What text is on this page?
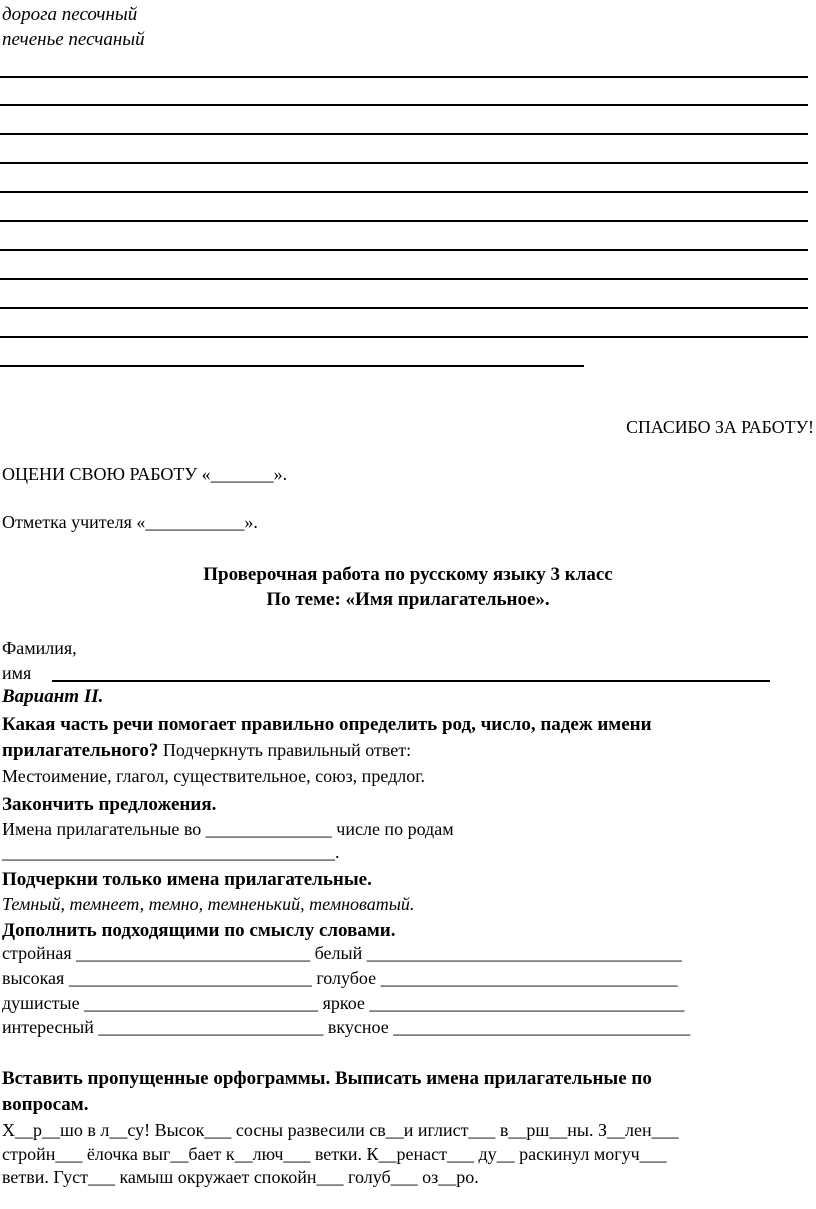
дорога песочный
печенье песчаный
СПАСИБО ЗА РАБОТУ!
ОЦЕНИ СВОЮ РАБОТУ «_______».
Отметка учителя «___________».
Проверочная работа по русскому языку 3 класс
По теме: «Имя прилагательное».
Фамилия,
имя
Вариант II.
Какая часть речи помогает правильно определить род, число, падеж имени
прилагательного? Подчеркнуть правильный ответ:
Местоимение, глагол, существительное, союз, предлог.
Закончить предложения.
Имена прилагательные во ______________ числе по родам
_____________________________________.
Подчеркни только имена прилагательные.
Темный, темнеет, темно, темненький, темноватый.
Дополнить подходящими по смыслу словами.
стройная __________________________ белый ___________________________________
высокая ___________________________ голубое _________________________________
душистые __________________________ яркое ___________________________________
интересный _________________________ вкусное _________________________________
Вставить пропущенные орфограммы. Выписать имена прилагательные по
вопросам.
Х__р__шо в л__су! Высок___ сосны развесили св__и иглист___ в__рш__ны. З__лен___
стройн___ ёлочка выг__бает к__люч___ ветки. К__ренаст___ ду__ раскинул могуч___
ветви. Густ___ камыш окружает спокойн___ голуб___ оз__ро.
